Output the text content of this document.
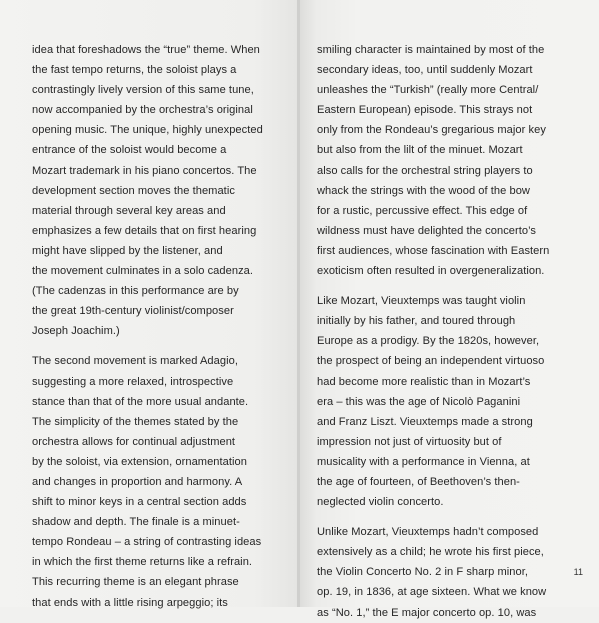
idea that foreshadows the “true” theme. When

the fast tempo returns, the soloist plays a

contrastingly lively version of this same tune,

now accompanied by the orchestra’s original

opening music. The unique, highly unexpected

entrance of the soloist would become a

Mozart trademark in his piano concertos. The

development section moves the thematic

material through several key areas and

emphasizes a few details that on first hearing

might have slipped by the listener, and

the movement culminates in a solo cadenza.

(The cadenzas in this performance are by

the great 19th-century violinist/composer

Joseph Joachim.)

The second movement is marked Adagio,

suggesting a more relaxed, introspective

stance than that of the more usual andante.

The simplicity of the themes stated by the

orchestra allows for continual adjustment

by the soloist, via extension, ornamentation

and changes in proportion and harmony. A

shift to minor keys in a central section adds

shadow and depth. The finale is a minuet-

tempo Rondeau – a string of contrasting ideas

in which the first theme returns like a refrain.

This recurring theme is an elegant phrase

that ends with a little rising arpeggio; its

smiling character is maintained by most of the

secondary ideas, too, until suddenly Mozart

unleashes the “Turkish” (really more Central/

Eastern European) episode. This strays not

only from the Rondeau’s gregarious major key

but also from the lilt of the minuet. Mozart

also calls for the orchestral string players to

whack the strings with the wood of the bow

for a rustic, percussive effect. This edge of

wildness must have delighted the concerto’s

first audiences, whose fascination with Eastern

exoticism often resulted in overgeneralization.

Like Mozart, Vieuxtemps was taught violin

initially by his father, and toured through

Europe as a prodigy. By the 1820s, however,

the prospect of being an independent virtuoso

had become more realistic than in Mozart’s

era – this was the age of Nicolò Paganini

and Franz Liszt. Vieuxtemps made a strong

impression not just of virtuosity but of

musicality with a performance in Vienna, at

the age of fourteen, of Beethoven’s then-

neglected violin concerto.

Unlike Mozart, Vieuxtemps hadn’t composed

extensively as a child; he wrote his first piece,

the Violin Concerto No. 2 in F sharp minor,

op. 19, in 1836, at age sixteen. What we know

as “No. 1,” the E major concerto op. 10, was

11
